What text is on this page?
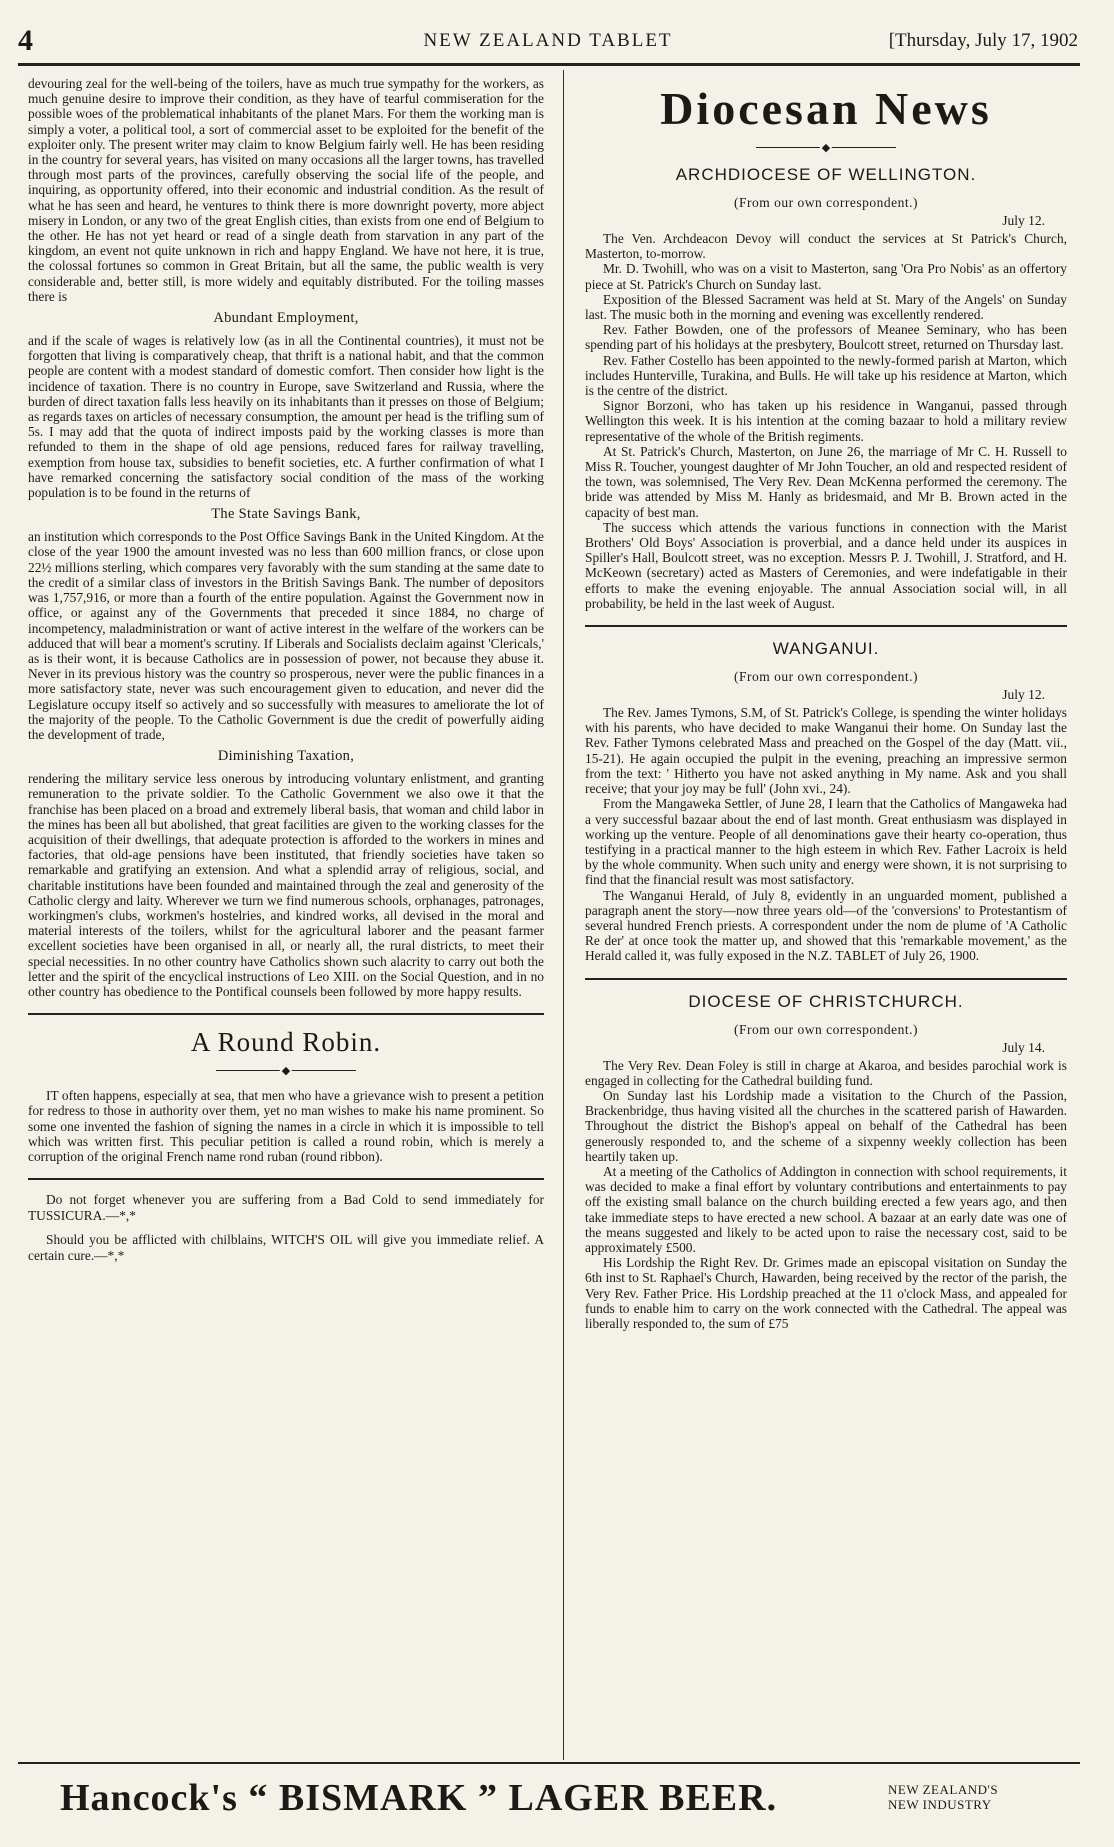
4	NEW ZEALAND TABLET	[Thursday, July 17, 1902

devouring zeal for the well-being of the toilers, have as much true sympathy for the workers, as much genuine desire to improve their condition, as they have of tearful commiseration for the possible woes of the problematical inhabitants of the planet Mars. For them the working man is simply a voter, a political tool, a sort of commercial asset to be exploited for the benefit of the exploiter only. The present writer may claim to know Belgium fairly well. He has been residing in the country for several years, has visited on many occasions all the larger towns, has travelled through most parts of the provinces, carefully observing the social life of the people, and inquiring, as opportunity offered, into their economic and industrial condition. As the result of what he has seen and heard, he ventures to think there is more downright poverty, more abject misery in London, or any two of the great English cities, than exists from one end of Belgium to the other. He has not yet heard or read of a single death from starvation in any part of the kingdom, an event not quite unknown in rich and happy England. We have not here, it is true, the colossal fortunes so common in Great Britain, but all the same, the public wealth is very considerable and, better still, is more widely and equitably distributed. For the toiling masses there is

Abundant Employment,

and if the scale of wages is relatively low (as in all the Continental countries), it must not be forgotten that living is comparatively cheap, that thrift is a national habit, and that the common people are content with a modest standard of domestic comfort. Then consider how light is the incidence of taxation. There is no country in Europe, save Switzerland and Russia, where the burden of direct taxation falls less heavily on its inhabitants than it presses on those of Belgium; as regards taxes on articles of necessary consumption, the amount per head is the trifling sum of 5s. I may add that the quota of indirect imposts paid by the working classes is more than refunded to them in the shape of old age pensions, reduced fares for railway travelling, exemption from house tax, subsidies to benefit societies, etc. A further confirmation of what I have remarked concerning the satisfactory social condition of the mass of the working population is to be found in the returns of

The State Savings Bank,

an institution which corresponds to the Post Office Savings Bank in the United Kingdom. At the close of the year 1900 the amount invested was no less than 600 million francs, or close upon 22½ millions sterling, which compares very favorably with the sum standing at the same date to the credit of a similar class of investors in the British Savings Bank. The number of depositors was 1,757,916, or more than a fourth of the entire population. Against the Government now in office, or against any of the Governments that preceded it since 1884, no charge of incompetency, maladministration or want of active interest in the welfare of the workers can be adduced that will bear a moment's scrutiny. If Liberals and Socialists declaim against 'Clericals,' as is their wont, it is because Catholics are in possession of power, not because they abuse it. Never in its previous history was the country so prosperous, never were the public finances in a more satisfactory state, never was such encouragement given to education, and never did the Legislature occupy itself so actively and so successfully with measures to ameliorate the lot of the majority of the people. To the Catholic Government is due the credit of powerfully aiding the development of trade,

Diminishing Taxation,

rendering the military service less onerous by introducing voluntary enlistment, and granting remuneration to the private soldier. To the Catholic Government we also owe it that the franchise has been placed on a broad and extremely liberal basis, that woman and child labor in the mines has been all but abolished, that great facilities are given to the working classes for the acquisition of their dwellings, that adequate protection is afforded to the workers in mines and factories, that old-age pensions have been instituted, that friendly societies have taken so remarkable and gratifying an extension. And what a splendid array of religious, social, and charitable institutions have been founded and maintained through the zeal and generosity of the Catholic clergy and laity. Wherever we turn we find numerous schools, orphanages, patronages, workingmen's clubs, workmen's hostelries, and kindred works, all devised in the moral and material interests of the toilers, whilst for the agricultural laborer and the peasant farmer excellent societies have been organised in all, or nearly all, the rural districts, to meet their special necessities. In no other country have Catholics shown such alacrity to carry out both the letter and the spirit of the encyclical instructions of Leo XIII. on the Social Question, and in no other country has obedience to the Pontifical counsels been followed by more happy results.

A Round Robin.
◆

IT often happens, especially at sea, that men who have a grievance wish to present a petition for redress to those in authority over them, yet no man wishes to make his name prominent. So some one invented the fashion of signing the names in a circle in which it is impossible to tell which was written first. This peculiar petition is called a round robin, which is merely a corruption of the original French name rond ruban (round ribbon).

Do not forget whenever you are suffering from a Bad Cold to send immediately for TUSSICURA.—*,*

Should you be afflicted with chilblains, WITCH'S OIL will give you immediate relief. A certain cure.—*,*

Diocesan News
◆
ARCHDIOCESE OF WELLINGTON.
(From our own correspondent.)
July 12.

The Ven. Archdeacon Devoy will conduct the services at St Patrick's Church, Masterton, to-morrow.

Mr. D. Twohill, who was on a visit to Masterton, sang 'Ora Pro Nobis' as an offertory piece at St. Patrick's Church on Sunday last.

Exposition of the Blessed Sacrament was held at St. Mary of the Angels' on Sunday last. The music both in the morning and evening was excellently rendered.

Rev. Father Bowden, one of the professors of Meanee Seminary, who has been spending part of his holidays at the presbytery, Boulcott street, returned on Thursday last.

Rev. Father Costello has been appointed to the newly-formed parish at Marton, which includes Hunterville, Turakina, and Bulls. He will take up his residence at Marton, which is the centre of the district.

Signor Borzoni, who has taken up his residence in Wanganui, passed through Wellington this week. It is his intention at the coming bazaar to hold a military review representative of the whole of the British regiments.

At St. Patrick's Church, Masterton, on June 26, the marriage of Mr C. H. Russell to Miss R. Toucher, youngest daughter of Mr John Toucher, an old and respected resident of the town, was solemnised, The Very Rev. Dean McKenna performed the ceremony. The bride was attended by Miss M. Hanly as bridesmaid, and Mr B. Brown acted in the capacity of best man.

The success which attends the various functions in connection with the Marist Brothers' Old Boys' Association is proverbial, and a dance held under its auspices in Spiller's Hall, Boulcott street, was no exception. Messrs P. J. Twohill, J. Stratford, and H. McKeown (secretary) acted as Masters of Ceremonies, and were indefatigable in their efforts to make the evening enjoyable. The annual Association social will, in all probability, be held in the last week of August.

WANGANUI.
(From our own correspondent.)
July 12.

The Rev. James Tymons, S.M, of St. Patrick's College, is spending the winter holidays with his parents, who have decided to make Wanganui their home. On Sunday last the Rev. Father Tymons celebrated Mass and preached on the Gospel of the day (Matt. vii., 15-21). He again occupied the pulpit in the evening, preaching an impressive sermon from the text: ' Hitherto you have not asked anything in My name. Ask and you shall receive; that your joy may be full' (John xvi., 24).

From the Mangaweka Settler, of June 28, I learn that the Catholics of Mangaweka had a very successful bazaar about the end of last month. Great enthusiasm was displayed in working up the venture. People of all denominations gave their hearty co-operation, thus testifying in a practical manner to the high esteem in which Rev. Father Lacroix is held by the whole community. When such unity and energy were shown, it is not surprising to find that the financial result was most satisfactory.

The Wanganui Herald, of July 8, evidently in an unguarded moment, published a paragraph anent the story—now three years old—of the 'conversions' to Protestantism of several hundred French priests. A correspondent under the nom de plume of 'A Catholic Re der' at once took the matter up, and showed that this 'remarkable movement,' as the Herald called it, was fully exposed in the N.Z. TABLET of July 26, 1900.

DIOCESE OF CHRISTCHURCH.
(From our own correspondent.)
July 14.

The Very Rev. Dean Foley is still in charge at Akaroa, and besides parochial work is engaged in collecting for the Cathedral building fund.

On Sunday last his Lordship made a visitation to the Church of the Passion, Brackenbridge, thus having visited all the churches in the scattered parish of Hawarden. Throughout the district the Bishop's appeal on behalf of the Cathedral has been generously responded to, and the scheme of a sixpenny weekly collection has been heartily taken up.

At a meeting of the Catholics of Addington in connection with school requirements, it was decided to make a final effort by voluntary contributions and entertainments to pay off the existing small balance on the church building erected a few years ago, and then take immediate steps to have erected a new school. A bazaar at an early date was one of the means suggested and likely to be acted upon to raise the necessary cost, said to be approximately £500.

His Lordship the Right Rev. Dr. Grimes made an episcopal visitation on Sunday the 6th inst to St. Raphael's Church, Hawarden, being received by the rector of the parish, the Very Rev. Father Price. His Lordship preached at the 11 o'clock Mass, and appealed for funds to enable him to carry on the work connected with the Cathedral. The appeal was liberally responded to, the sum of £75

Hancock's “ BISMARK ” LAGER BEER.	NEW ZEALAND'S
NEW INDUSTRY
